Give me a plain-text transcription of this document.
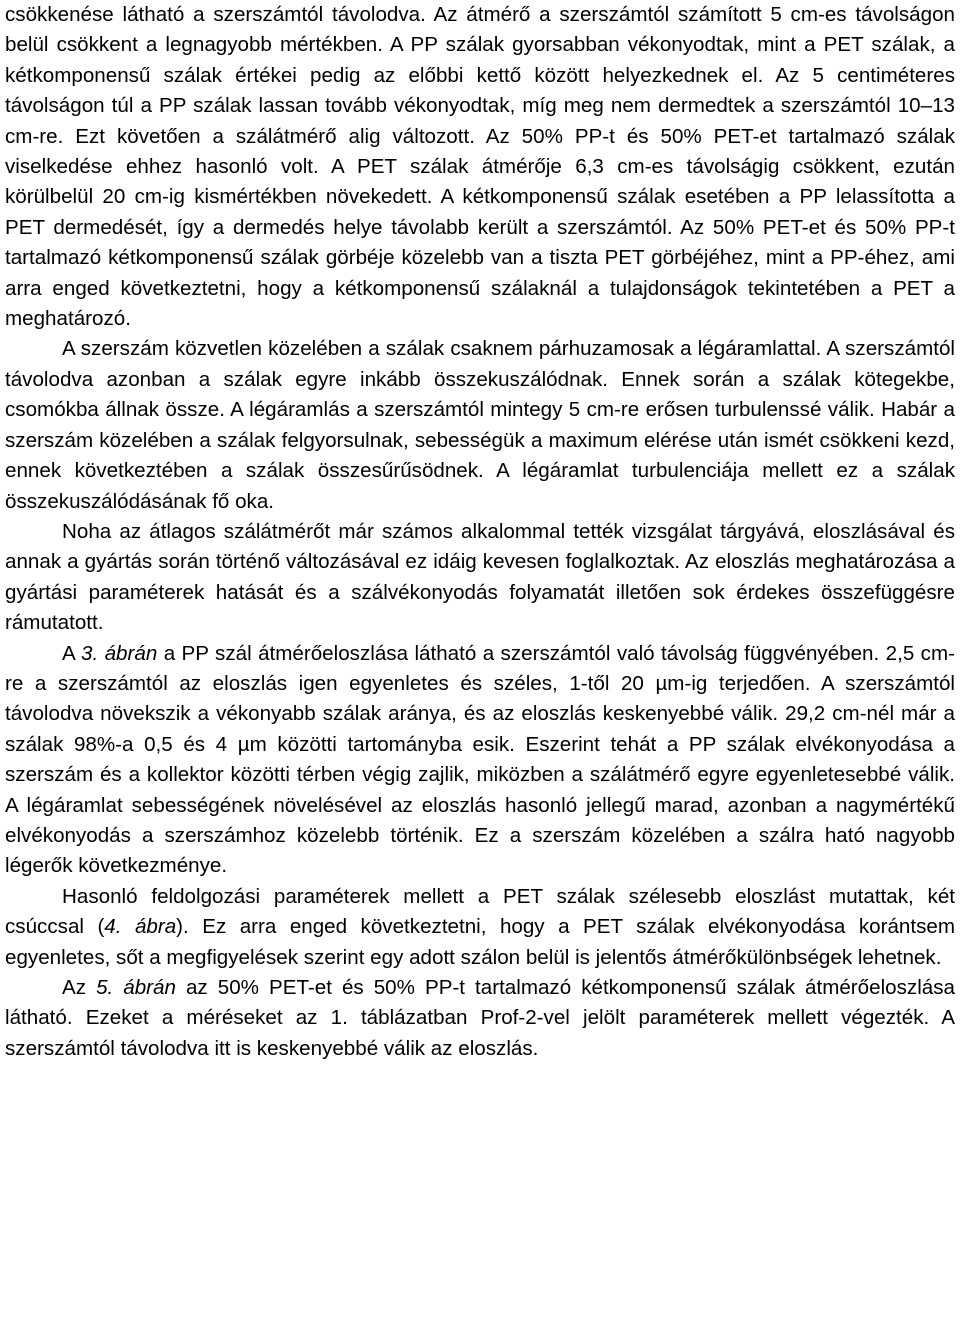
csökkenése látható a szerszámtól távolodva. Az átmérő a szerszámtól számított 5 cm-es távolságon belül csökkent a legnagyobb mértékben. A PP szálak gyorsabban vékonyodtak, mint a PET szálak, a kétkomponensű szálak értékei pedig az előbbi kettő között helyezkednek el. Az 5 centiméteres távolságon túl a PP szálak lassan tovább vékonyodtak, míg meg nem dermedtek a szerszámtól 10–13 cm-re. Ezt követően a szálátmérő alig változott. Az 50% PP-t és 50% PET-et tartalmazó szálak viselkedése ehhez hasonló volt. A PET szálak átmérője 6,3 cm-es távolságig csökkent, ezután körülbelül 20 cm-ig kismértékben növekedett. A kétkomponensű szálak esetében a PP lelassította a PET dermedését, így a dermedés helye távolabb került a szerszámtól. Az 50% PET-et és 50% PP-t tartalmazó kétkomponensű szálak görbéje közelebb van a tiszta PET görbéjéhez, mint a PP-éhez, ami arra enged következtetni, hogy a kétkomponensű szálaknál a tulajdonságok tekintetében a PET a meghatározó.

A szerszám közvetlen közelében a szálak csaknem párhuzamosak a légáramlattal. A szerszámtól távolodva azonban a szálak egyre inkább összekuszálódnak. Ennek során a szálak kötegekbe, csomókba állnak össze. A légáramlás a szerszámtól mintegy 5 cm-re erősen turbulenssé válik. Habár a szerszám közelében a szálak felgyorsulnak, sebességük a maximum elérése után ismét csökkeni kezd, ennek következtében a szálak összesűrűsödnek. A légáramlat turbulenciája mellett ez a szálak összekuszálódásának fő oka.

Noha az átlagos szálátmérőt már számos alkalommal tették vizsgálat tárgyává, eloszlásával és annak a gyártás során történő változásával ez idáig kevesen foglalkoztak. Az eloszlás meghatározása a gyártási paraméterek hatását és a szálvékonyodás folyamatát illetően sok érdekes összefüggésre rámutatott.

A 3. ábrán a PP szál átmérőeloszlása látható a szerszámtól való távolság függvényében. 2,5 cm-re a szerszámtól az eloszlás igen egyenletes és széles, 1-től 20 µm-ig terjedően. A szerszámtól távolodva növekszik a vékonyabb szálak aránya, és az eloszlás keskenyebbé válik. 29,2 cm-nél már a szálak 98%-a 0,5 és 4 µm közötti tartományba esik. Eszerint tehát a PP szálak elvékonyodása a szerszám és a kollektor közötti térben végig zajlik, miközben a szálátmérő egyre egyenletesebbé válik. A légáramlat sebességének növelésével az eloszlás hasonló jellegű marad, azonban a nagymértékű elvékonyodás a szerszámhoz közelebb történik. Ez a szerszám közelében a szálra ható nagyobb légerők következménye.

Hasonló feldolgozási paraméterek mellett a PET szálak szélesebb eloszlást mutattak, két csúccsal (4. ábra). Ez arra enged következtetni, hogy a PET szálak elvékonyodása korántsem egyenletes, sőt a megfigyelések szerint egy adott szálon belül is jelentős átmérőkülönbségek lehetnek.

Az 5. ábrán az 50% PET-et és 50% PP-t tartalmazó kétkomponensű szálak átmérőeloszlása látható. Ezeket a méréseket az 1. táblázatban Prof-2-vel jelölt paraméterek mellett végezték. A szerszámtól távolodva itt is keskenyebbé válik az eloszlás.
